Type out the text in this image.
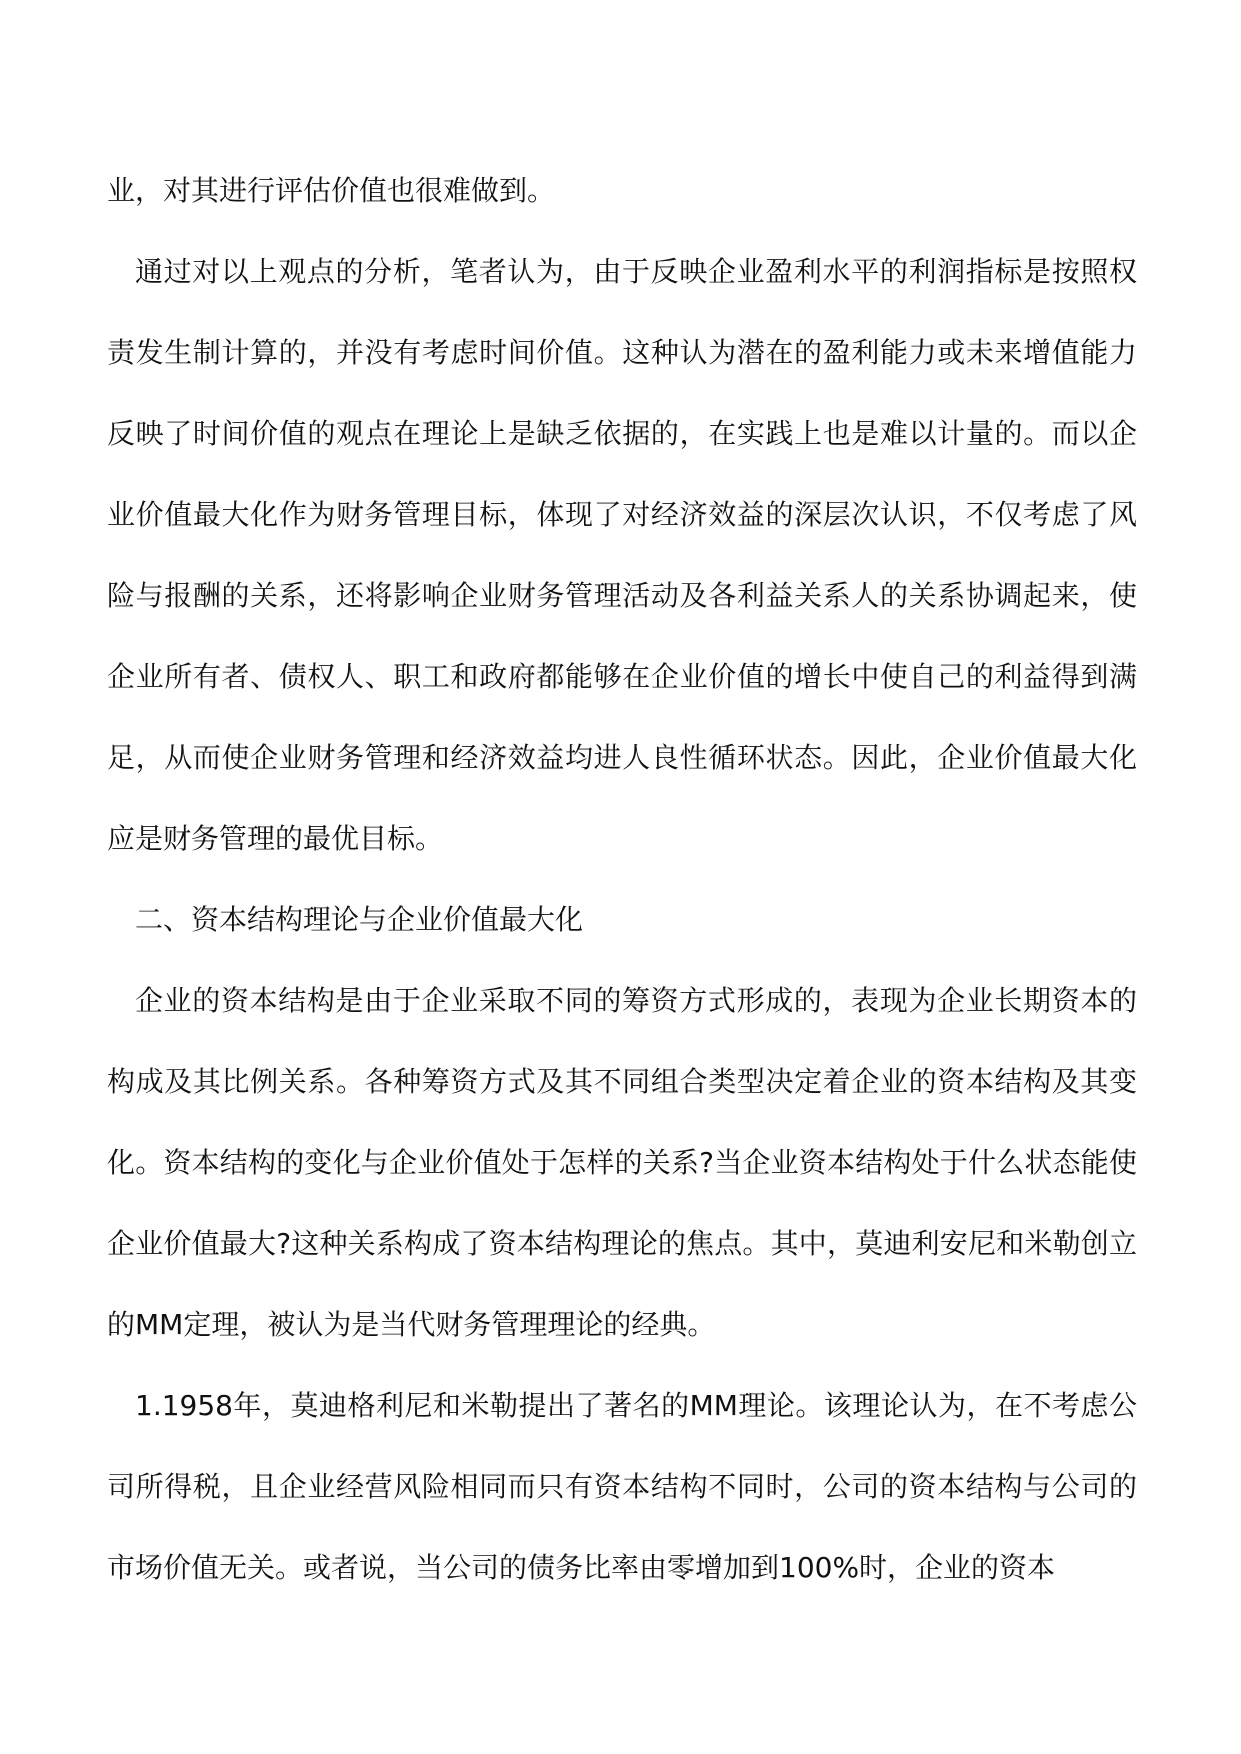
业，对其进行评估价值也很难做到。

通过对以上观点的分析，笔者认为，由于反映企业盈利水平的利润指标是按照权责发生制计算的，并没有考虑时间价值。这种认为潜在的盈利能力或未来增值能力反映了时间价值的观点在理论上是缺乏依据的，在实践上也是难以计量的。而以企业价值最大化作为财务管理目标，体现了对经济效益的深层次认识，不仅考虑了风险与报酬的关系，还将影响企业财务管理活动及各利益关系人的关系协调起来，使企业所有者、债权人、职工和政府都能够在企业价值的增长中使自己的利益得到满足，从而使企业财务管理和经济效益均进人良性循环状态。因此，企业价值最大化应是财务管理的最优目标。

二、资本结构理论与企业价值最大化

企业的资本结构是由于企业采取不同的筹资方式形成的，表现为企业长期资本的构成及其比例关系。各种筹资方式及其不同组合类型决定着企业的资本结构及其变化。资本结构的变化与企业价值处于怎样的关系?当企业资本结构处于什么状态能使企业价值最大?这种关系构成了资本结构理论的焦点。其中，莫迪利安尼和米勒创立的MM定理，被认为是当代财务管理理论的经典。

1.1958年，莫迪格利尼和米勒提出了著名的MM理论。该理论认为，在不考虑公司所得税，且企业经营风险相同而只有资本结构不同时，公司的资本结构与公司的市场价值无关。或者说，当公司的债务比率由零增加到100%时，企业的资本
